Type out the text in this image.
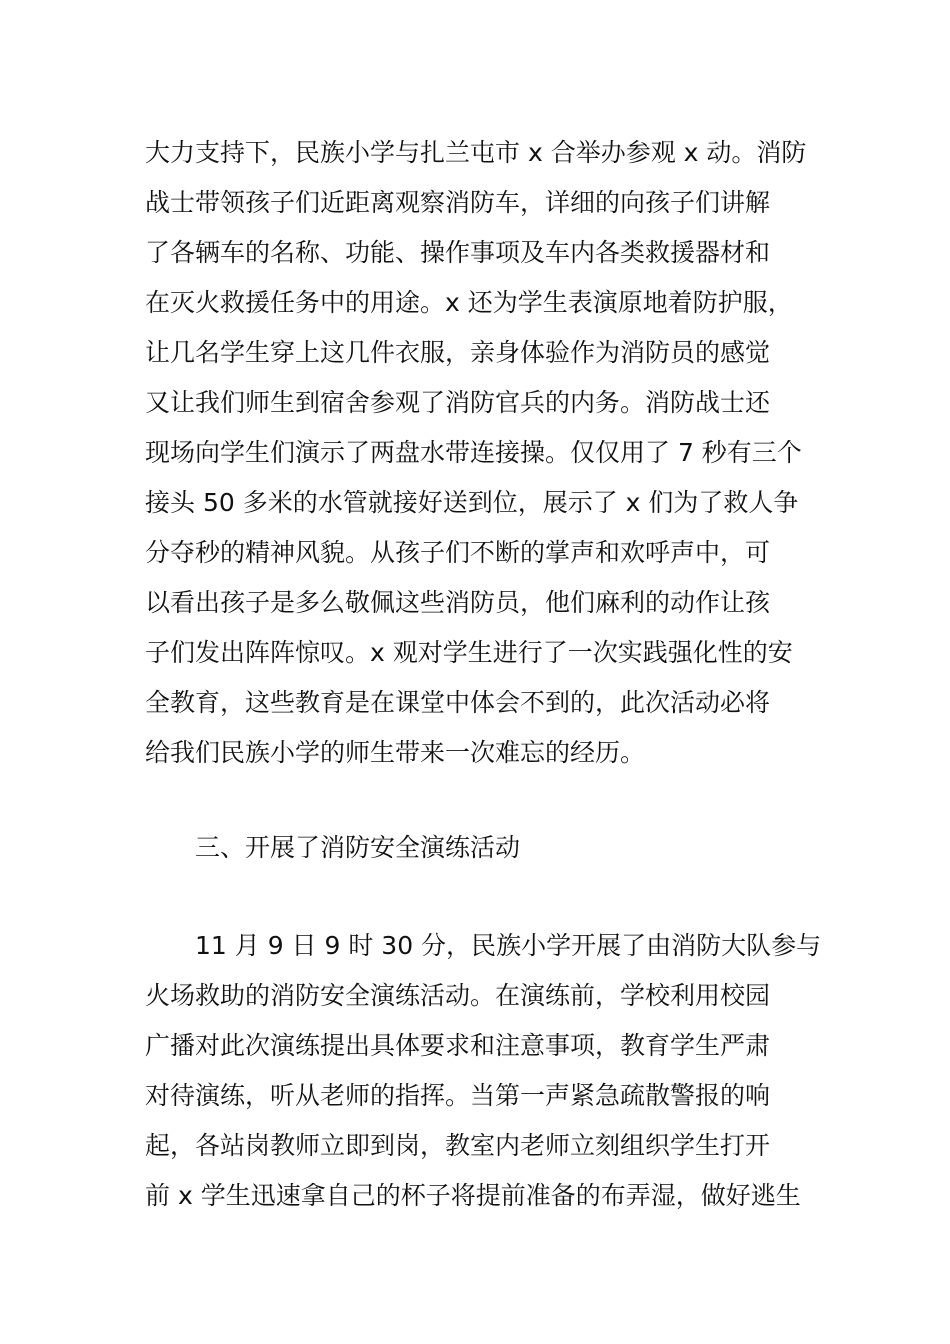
大力支持下，民族小学与扎兰屯市 x 合举办参观 x 动。消防
战士带领孩子们近距离观察消防车，详细的向孩子们讲解
了各辆车的名称、功能、操作事项及车内各类救援器材和
在灭火救援任务中的用途。x 还为学生表演原地着防护服，
让几名学生穿上这几件衣服，亲身体验作为消防员的感觉
又让我们师生到宿舍参观了消防官兵的内务。消防战士还
现场向学生们演示了两盘水带连接操。仅仅用了 7 秒有三个
接头 50 多米的水管就接好送到位，展示了 x 们为了救人争
分夺秒的精神风貌。从孩子们不断的掌声和欢呼声中，可
以看出孩子是多么敬佩这些消防员，他们麻利的动作让孩
子们发出阵阵惊叹。x 观对学生进行了一次实践强化性的安
全教育，这些教育是在课堂中体会不到的，此次活动必将
给我们民族小学的师生带来一次难忘的经历。
三、开展了消防安全演练活动
11 月 9 日 9 时 30 分，民族小学开展了由消防大队参与
火场救助的消防安全演练活动。在演练前，学校利用校园
广播对此次演练提出具体要求和注意事项，教育学生严肃
对待演练，听从老师的指挥。当第一声紧急疏散警报的响
起，各站岗教师立即到岗，教室内老师立刻组织学生打开
前 x 学生迅速拿自己的杯子将提前准备的布弄湿，做好逃生
